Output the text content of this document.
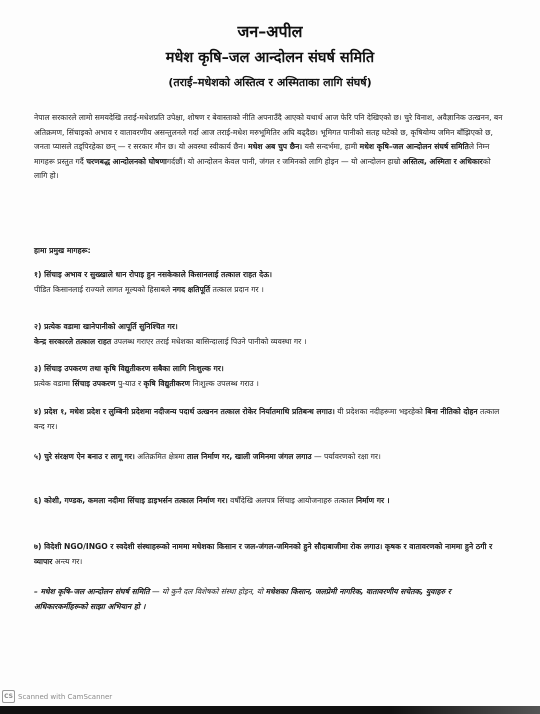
जन–अपील
मधेश कृषि–जल आन्दोलन संघर्ष समिति
(तराई–मधेशको अस्तित्व र अस्मिताका लागि संघर्ष)
नेपाल सरकारले लामो समयदेखि तराई-मधेशप्रति उपेक्षा, शोषण र बेवास्ताको नीति अपनाउँदै आएको यथार्थ आज फेरि पनि देखिएको छ। चुरे विनाश, अवैज्ञानिक उत्खनन, बन अतिक्रमण, सिंचाइको अभाव र वातावरणीय असन्तुलनले गर्दा आज तराई-मधेश मरुभूमितिर अघि बढ्दैछ। भूमिगत पानीको सतह घटेको छ, कृषियोग्य जमिन बाँझिएको छ, जनता प्यासले तड्पिरहेका छन् — र सरकार मौन छ। यो अवस्था स्वीकार्य छैन। मधेश अब चुप छैन। यसै सन्दर्भमा, हामी मधेश कृषि–जल आन्दोलन संघर्ष समितिले निम्न मागहरू प्रस्तुत गर्दै चरणबद्ध आन्दोलनको घोषणागर्दछौं। यो आन्दोलन केवल पानी, जंगल र जमिनको लागि होइन — यो आन्दोलन हाम्रो अस्तित्व, अस्मिता र अधिकारको लागि हो।
हामा प्रमुख मागहरू:
१) सिंचाइ अभाव र सुख्खाले धान रोपाइ हुन नसकेकाले किसानलाई तत्काल राहत देऊ।
पीडित किसानलाई राज्यले लागत मूल्यको हिसाबले नगद क्षतिपूर्ति तत्काल प्रदान गर ।
२) प्रत्येक वडामा खानेपानीको आपूर्ति सुनिश्चित गर।
केन्द्र सरकारले तत्काल राहत उपलब्ध गराएर तराई मधेशका बासिन्दालाई पिउने पानीको व्यवस्था गर ।
३) सिंचाइ उपकरण तथा कृषि विद्युतीकरण सबैका लागि निःशुल्क गर।
प्रत्येक वडामा सिंचाइ उपकरण पु-याउ र कृषि विद्युतीकरण निःशुल्क उपलब्ध गराउ ।
४) प्रदेश १, मधेश प्रदेश र लुम्बिनी प्रदेशमा नदीजन्य पदार्थ उत्खनन तत्काल रोकेर निर्यातमाथि प्रतिबन्ध लगाउ। यी प्रदेशका नदीहरूमा भइरहेको बिना नीतिको दोहन तत्काल बन्द गर।
५) चुरे संरक्षण ऐन बनाउ र लागू गर। अतिक्रमित क्षेत्रमा ताल निर्माण गर, खाली जमिनमा जंगल लगाउ — पर्यावरणको रक्षा गर।
६) कोशी, गण्डक, कमला नदीमा सिंचाइ डाइभर्सन तत्काल निर्माण गर। वर्षौंदेखि अलपत्र सिंचाइ आयोजनाहरु तत्काल निर्माण गर ।
७) विदेशी NGO/INGO र स्वदेशी संस्थाहरूको नाममा मधेशका किसान र जल-जंगल-जमिनको हुने सौदाबाजीमा रोक लगाउ। कृषक र वातावरणको नाममा हुने ठगी र व्यापार अन्त्य गर।
– मधेश कृषि–जल आन्दोलन संघर्ष समिति — यो कुनै दल विशेषको संस्था होइन, यो मधेशका किसान, जलप्रेमी नागरिक, वातावरणीय सचेतक, युवाहरु र अधिकारकर्मीहरूको साझा अभियान हो ।
CS Scanned with CamScanner
